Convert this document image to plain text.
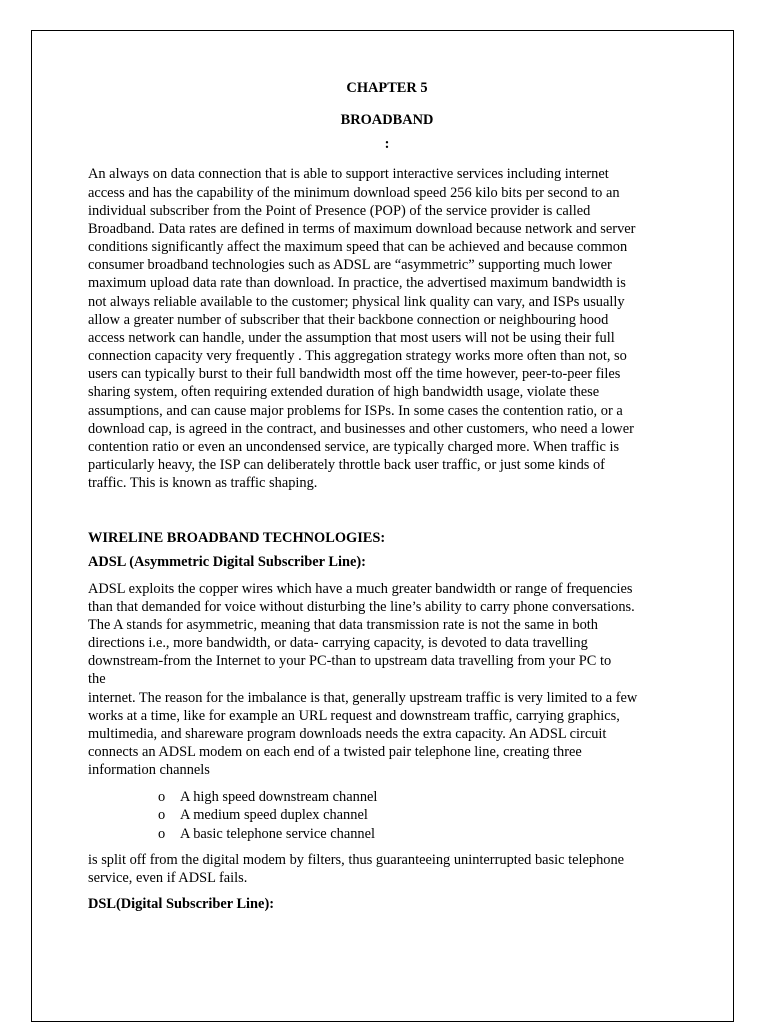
CHAPTER 5
BROADBAND
:

An always on data connection that is able to support interactive services including internet
access and has the capability of the minimum download speed 256 kilo bits per second to an
individual subscriber from the Point of Presence (POP) of the service provider is called
Broadband. Data rates are defined in terms of maximum download because network and server
conditions significantly affect the maximum speed that can be achieved and because common
consumer broadband technologies such as ADSL are “asymmetric” supporting much lower
maximum upload data rate than download. In practice, the advertised maximum bandwidth is
not always reliable available to the customer; physical link quality can vary, and ISPs usually
allow a greater number of subscriber that their backbone connection or neighbouring hood
access network can handle, under the assumption that most users will not be using their full
connection capacity very frequently . This aggregation strategy works more often than not, so
users can typically burst to their full bandwidth most off the time however, peer-to-peer files
sharing system, often requiring extended duration of high bandwidth usage, violate these
assumptions, and can cause major problems for ISPs. In some cases the contention ratio, or a
download cap, is agreed in the contract, and businesses and other customers, who need a lower
contention ratio or even an uncondensed service, are typically charged more. When traffic is
particularly heavy, the ISP can deliberately throttle back user traffic, or just some kinds of
traffic. This is known as traffic shaping.

WIRELINE BROADBAND TECHNOLOGIES:
ADSL (Asymmetric Digital Subscriber Line):

ADSL exploits the copper wires which have a much greater bandwidth or range of frequencies
than that demanded for voice without disturbing the line’s ability to carry phone conversations.
The A stands for asymmetric, meaning that data transmission rate is not the same in both
directions i.e., more bandwidth, or data- carrying capacity, is devoted to data travelling
downstream-from the Internet to your PC-than to upstream data travelling from your PC to
the
internet. The reason for the imbalance is that, generally upstream traffic is very limited to a few
works at a time, like for example an URL request and downstream traffic, carrying graphics,
multimedia, and shareware program downloads needs the extra capacity. An ADSL circuit
connects an ADSL modem on each end of a twisted pair telephone line, creating three
information channels

o	A high speed downstream channel
o	A medium speed duplex channel
o	A basic telephone service channel

is split off from the digital modem by filters, thus guaranteeing uninterrupted basic telephone
service, even if ADSL fails.

DSL(Digital Subscriber Line):
